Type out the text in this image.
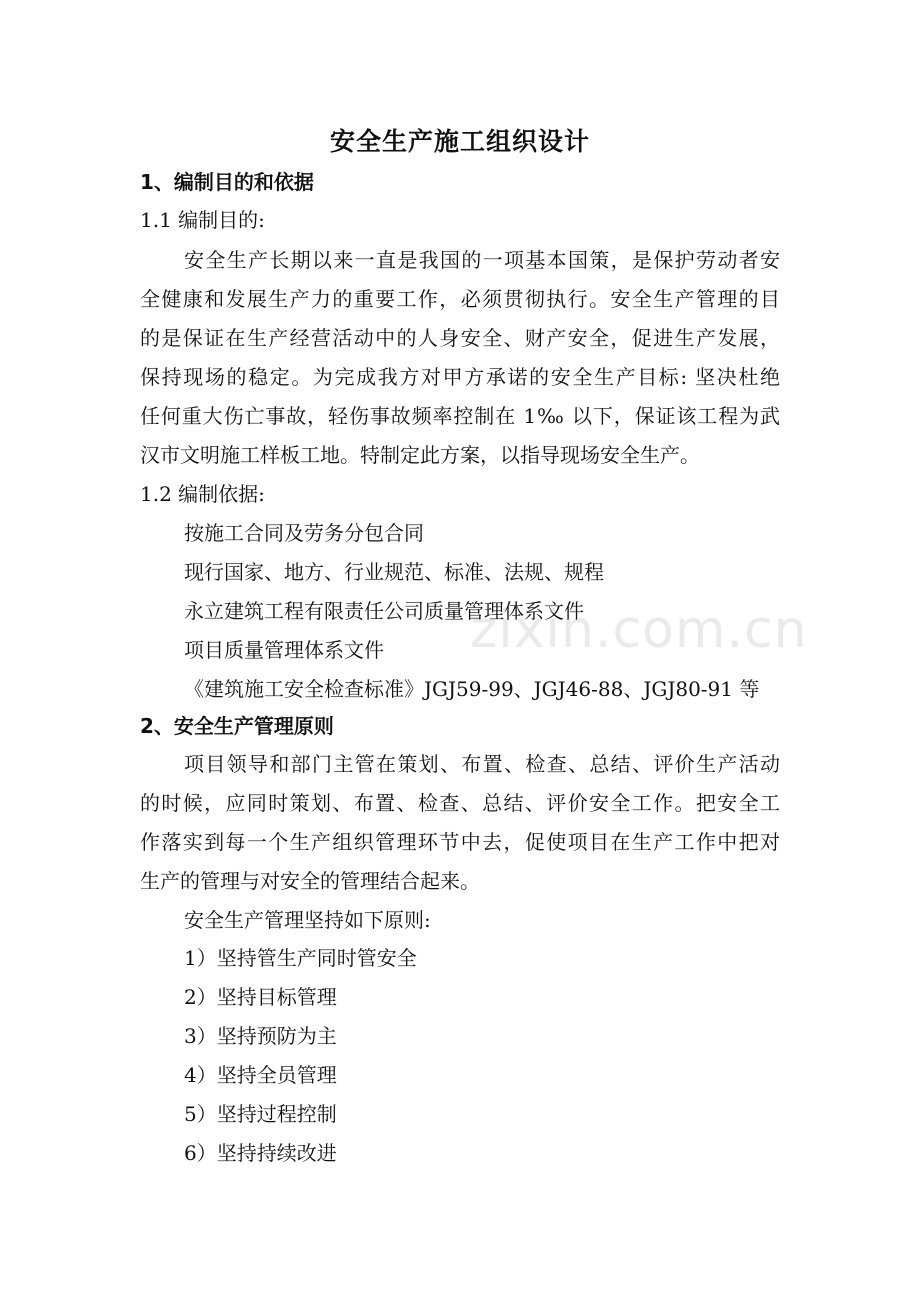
安全生产施工组织设计
1、编制目的和依据
1.1 编制目的:
安全生产长期以来一直是我国的一项基本国策，是保护劳动者安
全健康和发展生产力的重要工作，必须贯彻执行。安全生产管理的目
的是保证在生产经营活动中的人身安全、财产安全，促进生产发展，
保持现场的稳定。为完成我方对甲方承诺的安全生产目标: 坚决杜绝
任何重大伤亡事故，轻伤事故频率控制在 1‰ 以下，保证该工程为武
汉市文明施工样板工地。特制定此方案，以指导现场安全生产。
1.2 编制依据:
按施工合同及劳务分包合同
现行国家、地方、行业规范、标准、法规、规程
永立建筑工程有限责任公司质量管理体系文件
项目质量管理体系文件
《建筑施工安全检查标准》JGJ59-99、JGJ46-88、JGJ80-91 等
2、安全生产管理原则
项目领导和部门主管在策划、布置、检查、总结、评价生产活动
的时候，应同时策划、布置、检查、总结、评价安全工作。把安全工
作落实到每一个生产组织管理环节中去，促使项目在生产工作中把对
生产的管理与对安全的管理结合起来。
安全生产管理坚持如下原则:
1）坚持管生产同时管安全
2）坚持目标管理
3）坚持预防为主
4）坚持全员管理
5）坚持过程控制
6）坚持持续改进
zixin.com.cn
